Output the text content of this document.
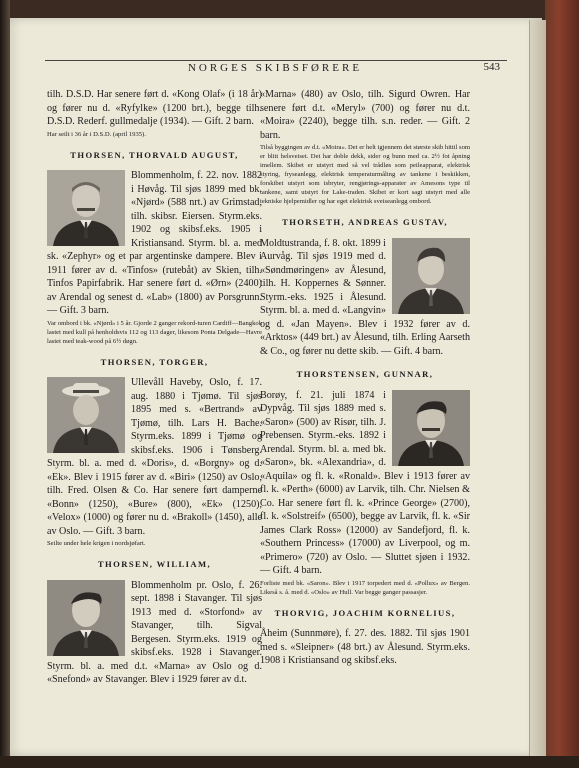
NORGES SKIBSFØRERE	543

tilh. D.S.D. Har senere ført d. «Kong Olaf» (i 18 år) og fører nu d. «Ryfylke» (1200 brt.), begge tilh. D.S.D. Rederf. gullmedalje (1934). — Gift. 2 barn.

Har seilt i 36 år i D.S.D. (april 1935).

THORSEN, THORVALD AUGUST,

Blommenholm, f. 22. nov. 1882 i Høvåg. Til sjøs 1899 med bk. «Njørd» (588 nrt.) av Grimstad, tilh. skibsr. Eiersen. Styrm.eks. 1902 og skibsf.eks. 1905 i Kristiansand. Styrm. bl. a. med sk. «Zephyr» og et par argentinske dampere. Blev i 1911 fører av d. «Tinfos» (rutebåt) av Skien, tilh. Tinfos Papirfabrik. Har senere ført d. «Ørn» (2400) av Arendal og senest d. «Lab» (1800) av Porsgrunn. — Gift. 3 barn.

Var ombord i bk. «Njørd» i 5 år. Gjorde 2 ganger rekord-turen Cardiff—Bangkok lastet med kull på henholdsvis 112 og 113 dager, likesom Ponta Delgade—Havre lastet med teak-wood på 6½ døgn.

THORSEN, TORGER,

Ullevåll Haveby, Oslo, f. 17. aug. 1880 i Tjømø. Til sjøs 1895 med s. «Bertrand» av Tjømø, tilh. Lars H. Bache. Styrm.eks. 1899 i Tjømø og skibsf.eks. 1906 i Tønsberg. Styrm. bl. a. med d. «Doris», d. «Borgny» og d. «Ek». Blev i 1915 fører av d. «Biri» (1250) av Oslo, tilh. Fred. Olsen & Co. Har senere ført damperne «Bonn» (1250), «Bure» (800), «Ek» (1250), «Velox» (1000) og fører nu d. «Brakoll» (1450), alle av Oslo. — Gift. 3 barn.

Seilte under hele krigen i nordsjøfart.

THORSEN, WILLIAM,

Blommenholm pr. Oslo, f. 26. sept. 1898 i Stavanger. Til sjøs 1913 med d. «Storfond» av Stavanger, tilh. Sigval Bergesen. Styrm.eks. 1919 og skibsf.eks. 1928 i Stavanger. Styrm. bl. a. med d.t. «Marna» av Oslo og d. «Snefond» av Stavanger. Blev i 1929 fører av d.t.

«Marna» (480) av Oslo, tilh. Sigurd Owren. Har senere ført d.t. «Meryl» (700) og fører nu d.t. «Moira» (2240), begge tilh. s.n. reder. — Gift. 2 barn.

Tilså byggingen av d.t. «Moira». Det er helt igjennem det største skib hittil som er blitt helsveiset. Det har doble dekk, sider og bunn med ca. 2½ fot åpning imellem. Skibet er utstyrt med så vel trådløs som peileapparat, elektrisk styring, fryseanlegg, elektrisk temperaturmåling av tankene i beskikken, forskibet utstyrt som isbryter, rengjørings-apparater av Amesons type til tankene, samt utstyrt for Lake-traden. Skibet er kort sagt utstyrt med alle tekniske hjelpemidler og har eget elektrisk sveiseanlegg ombord.

THORSETH, ANDREAS GUSTAV,

Moldtustranda, f. 8. okt. 1899 i Aurvåg. Til sjøs 1919 med d. «Søndmøringen» av Ålesund, tilh. H. Koppernes & Sønner. Styrm.-eks. 1925 i Ålesund. Styrm. bl. a. med d. «Langvin» og d. «Jan Mayen». Blev i 1932 fører av d. «Arktos» (449 brt.) av Ålesund, tilh. Erling Aarseth & Co., og fører nu dette skib. — Gift. 4 barn.

THORSTENSEN, GUNNAR,

Borøy, f. 21. juli 1874 i Dypvåg. Til sjøs 1889 med s. «Saron» (500) av Risør, tilh. J. Prebensen. Styrm.-eks. 1892 i Arendal. Styrm. bl. a. med bk. «Saron», bk. «Alexandria», d. «Aquila» og fl. k. «Ronald». Blev i 1913 fører av fl. k. «Perth» (6000) av Larvik, tilh. Chr. Nielsen & Co. Har senere ført fl. k. «Prince George» (2700), fl. k. «Solstreif» (6500), begge av Larvik, fl. k. «Sir James Clark Ross» (12000) av Sandefjord, fl. k. «Southern Princess» (17000) av Liverpool, og m. «Primero» (720) av Oslo. — Sluttet sjøen i 1932. — Gift. 4 barn.

Forliste med bk. «Saron». Blev i 1917 torpedert med d. «Pollux» av Bergen. Likeså s. å. med d. «Oslo» av Hull. Var begge ganger passasjer.

THORVIG, JOACHIM KORNELIUS,

Åheim (Sunnmøre), f. 27. des. 1882. Til sjøs 1901 med s. «Sleipner» (48 brt.) av Ålesund. Styrm.eks. 1908 i Kristiansand og skibsf.eks.
